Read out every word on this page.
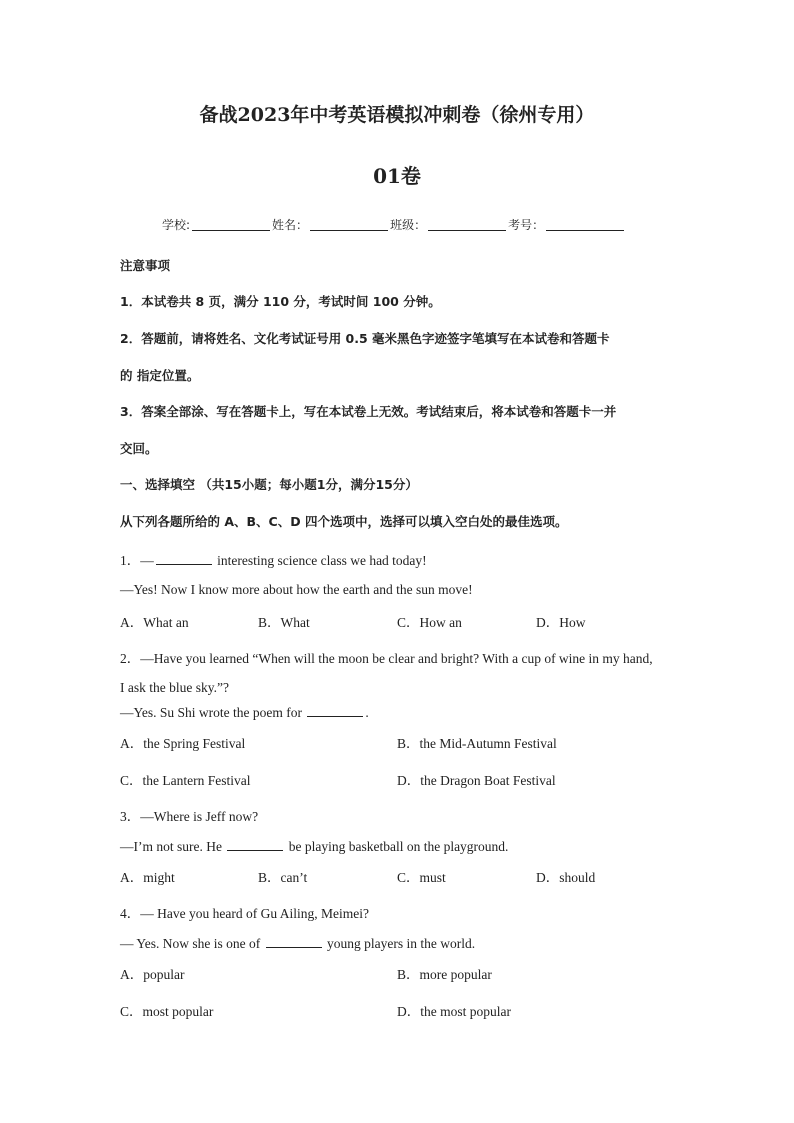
备战2023年中考英语模拟冲刺卷（徐州专用）
01卷
学校:	姓名：	班级：	考号：
注意事项
1．本试卷共 8 页，满分 110 分，考试时间 100 分钟。
2．答题前，请将姓名、文化考试证号用 0.5 毫米黑色字迹签字笔填写在本试卷和答题卡
的 指定位置。
3．答案全部涂、写在答题卡上，写在本试卷上无效。考试结束后，将本试卷和答题卡一并
交回。
一、选择填空 （共15小题；每小题1分，满分15分）
从下列各题所给的 A、B、C、D 四个选项中，选择可以填入空白处的最佳选项。
1．—	interesting science class we had today!
—Yes! Now I know more about how the earth and the sun move!
A．What an	B．What	C．How an	D．How
2．—Have you learned “When will the moon be clear and bright? With a cup of wine in my hand,
I ask the blue sky.”?
—Yes. Su Shi wrote the poem for	.
A．the Spring Festival	B．the Mid-Autumn Festival
C．the Lantern Festival	D．the Dragon Boat Festival
3．—Where is Jeff now?
—I’m not sure. He	be playing basketball on the playground.
A．might	B．can’t	C．must	D．should
4．— Have you heard of Gu Ailing, Meimei?
— Yes. Now she is one of	young players in the world.
A．popular	B．more popular
C．most popular	D．the most popular
